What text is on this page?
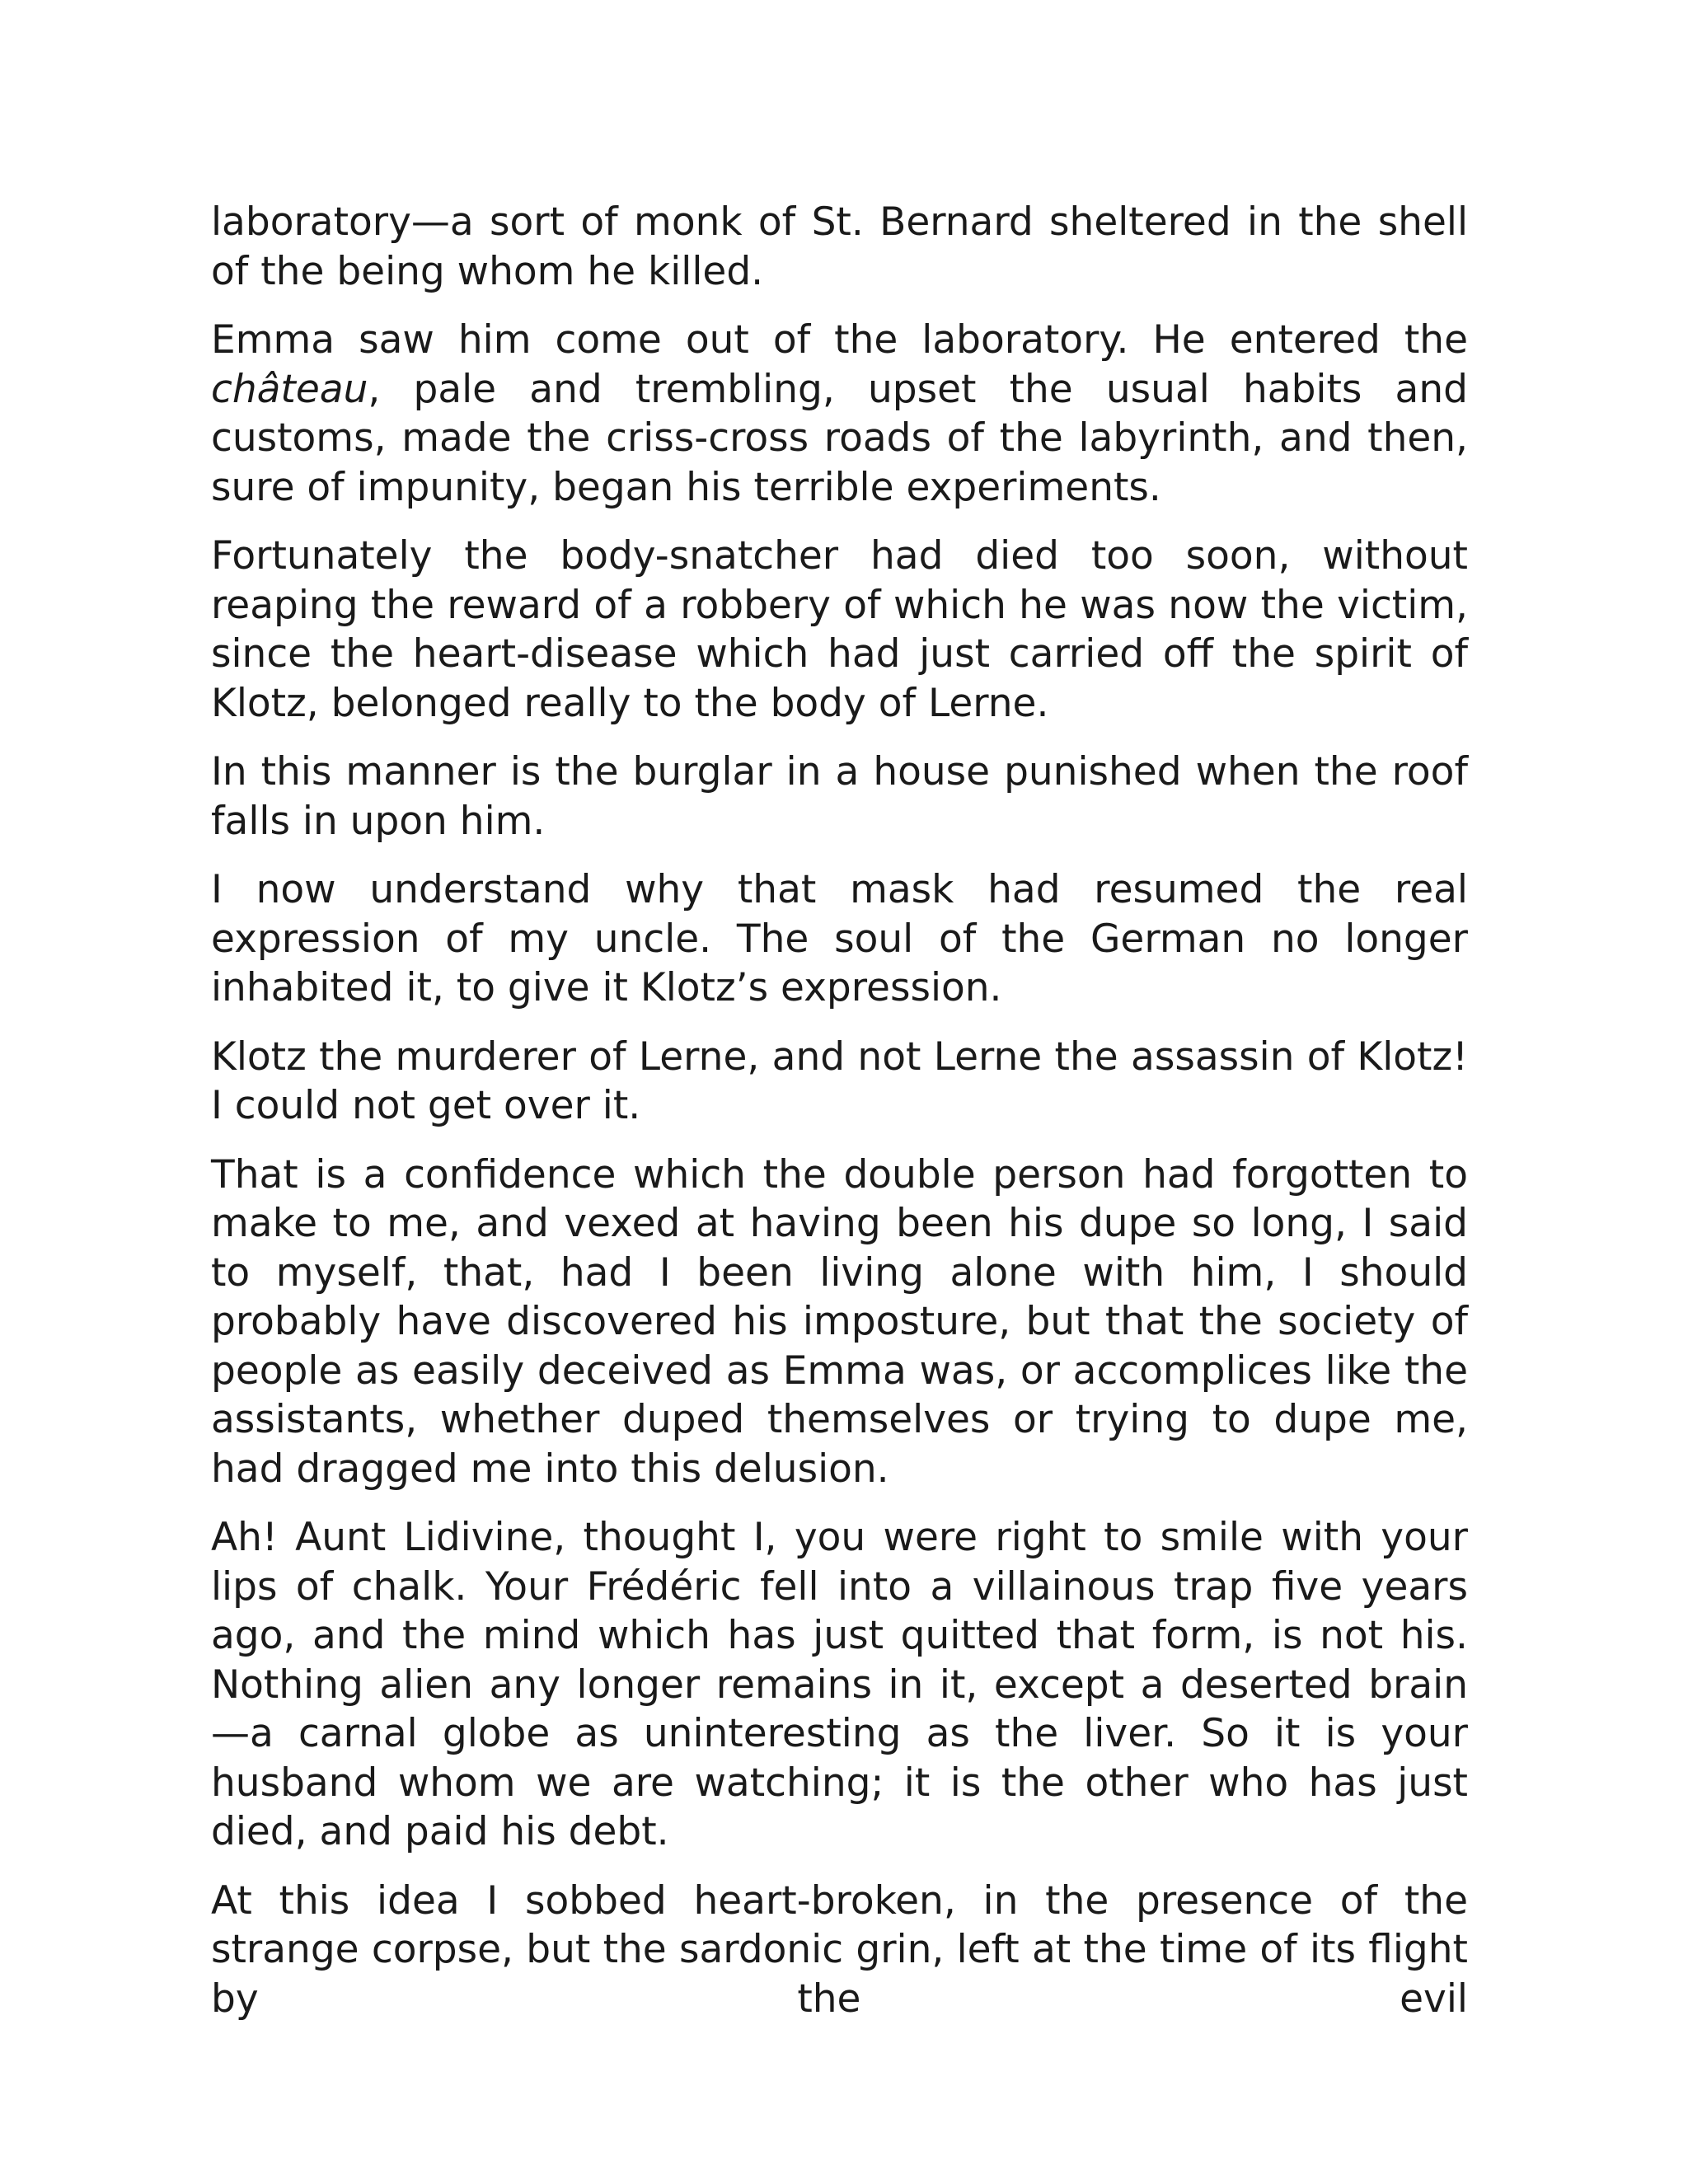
laboratory—a sort of monk of St. Bernard sheltered in the shell of the being whom he killed.

Emma saw him come out of the laboratory. He entered the château, pale and trembling, upset the usual habits and customs, made the criss-cross roads of the labyrinth, and then, sure of impunity, began his terrible experiments.

Fortunately the body-snatcher had died too soon, without reaping the reward of a robbery of which he was now the victim, since the heart-disease which had just carried off the spirit of Klotz, belonged really to the body of Lerne.

In this manner is the burglar in a house punished when the roof falls in upon him.

I now understand why that mask had resumed the real expression of my uncle. The soul of the German no longer inhabited it, to give it Klotz’s expression.

Klotz the murderer of Lerne, and not Lerne the assassin of Klotz! I could not get over it.

That is a confidence which the double person had forgotten to make to me, and vexed at having been his dupe so long, I said to myself, that, had I been living alone with him, I should probably have discovered his imposture, but that the society of people as easily deceived as Emma was, or accomplices like the assistants, whether duped themselves or trying to dupe me, had dragged me into this delusion.

Ah! Aunt Lidivine, thought I, you were right to smile with your lips of chalk. Your Frédéric fell into a villainous trap five years ago, and the mind which has just quitted that form, is not his. Nothing alien any longer remains in it, except a deserted brain—a carnal globe as uninteresting as the liver. So it is your husband whom we are watching; it is the other who has just died, and paid his debt.

At this idea I sobbed heart-broken, in the presence of the strange corpse, but the sardonic grin, left at the time of its flight by the evil
